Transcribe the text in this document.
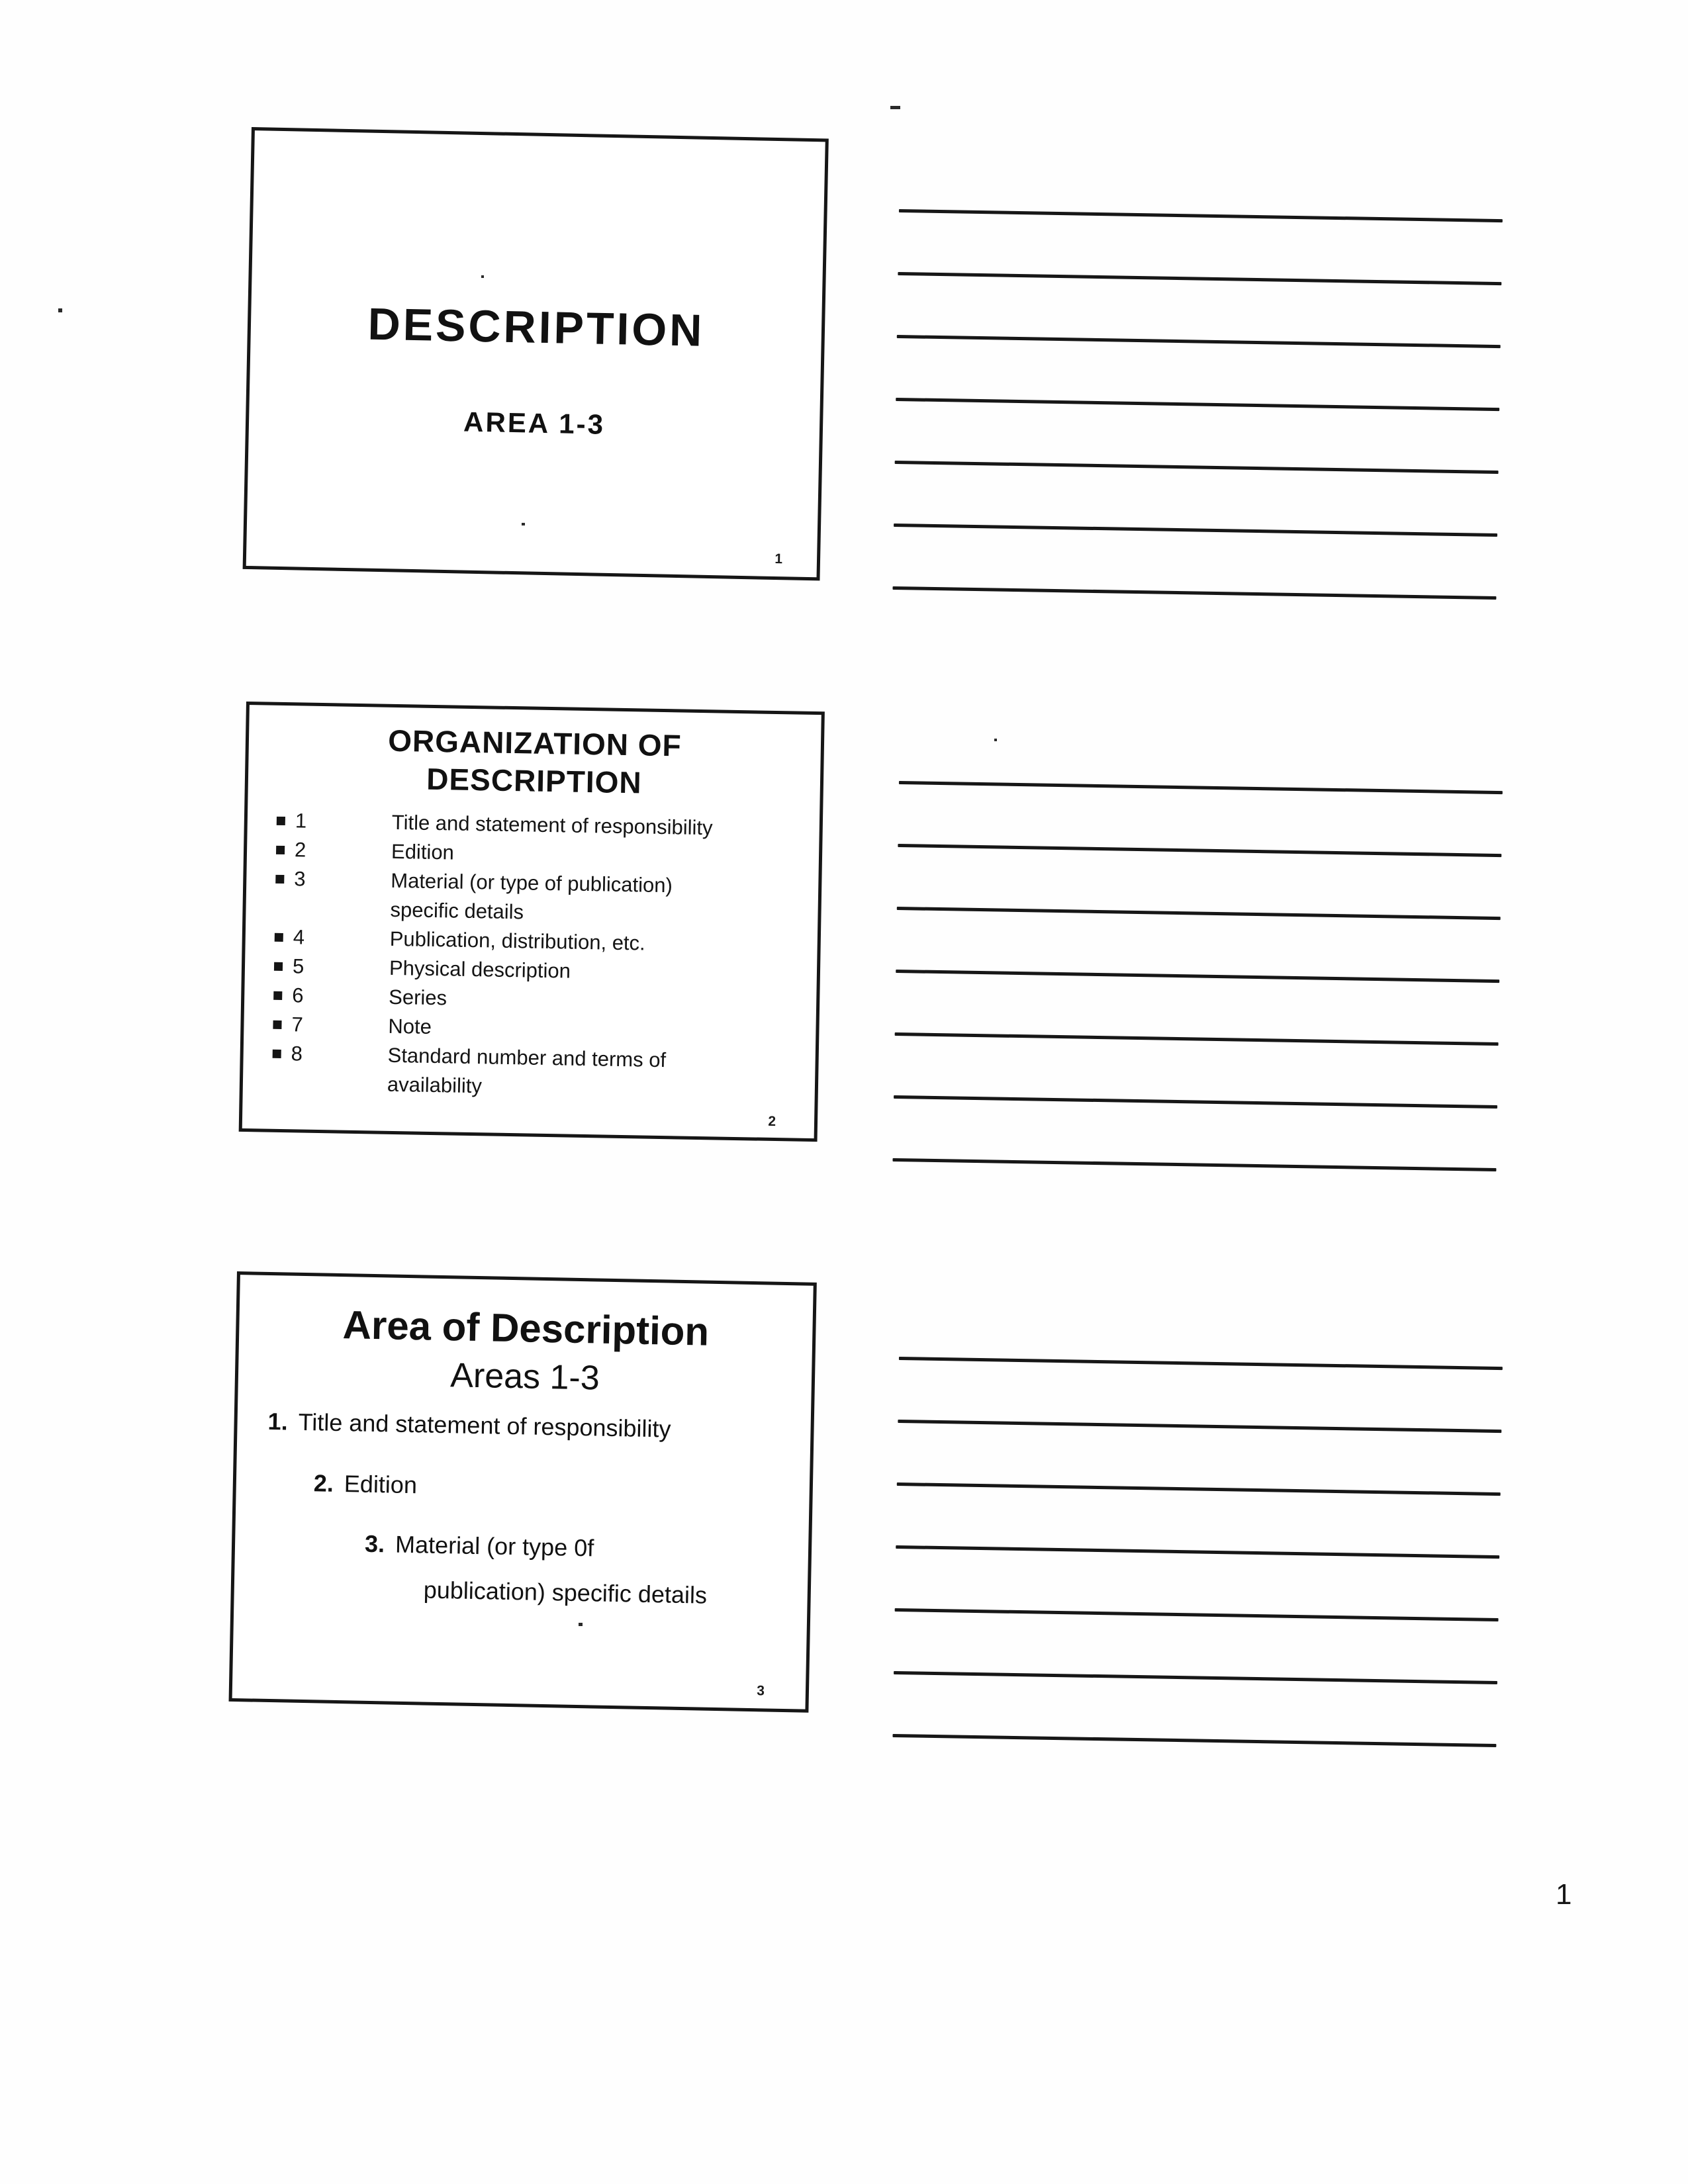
DESCRIPTION
AREA 1-3
1
ORGANIZATION OF
DESCRIPTION
1	Title and statement of responsibility
2	Edition
3	Material (or type of publication)
specific details
4	Publication, distribution, etc.
5	Physical description
6	Series
7	Note
8	Standard number and terms of
availability
2
Area of Description
Areas 1-3
1. Title and statement of responsibility
2. Edition
3. Material (or type 0f
publication) specific details
3
1
